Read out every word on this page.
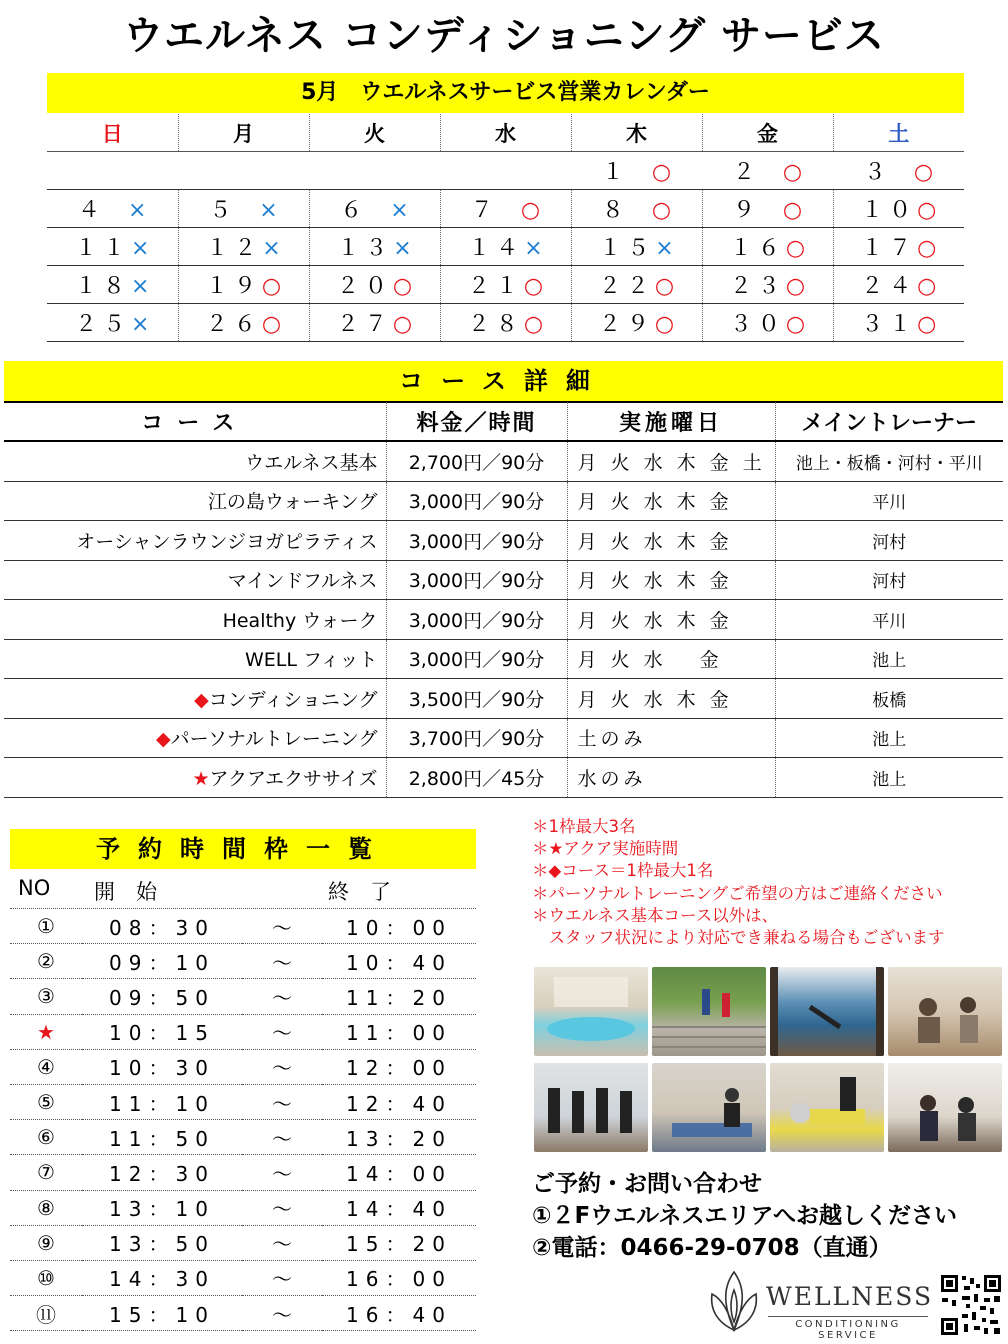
ウエルネス コンディショニング サービス
5月　ウエルネスサービス営業カレンダー
日	月	火	水	木	金	土
				１ ○	２ ○	３ ○
４ ×	５ ×	６ ×	７ ○	８ ○	９ ○	１０○
１１×	１２×	１３×	１４×	１５×	１６○	１７○
１８×	１９○	２０○	２１○	２２○	２３○	２４○
２５×	２６○	２７○	２８○	２９○	３０○	３１○
コース詳細
コース	料金／時間	実施曜日	メイントレーナー
ウエルネス基本	2,700円／90分	月 火 水 木 金 土	池上・板橋・河村・平川
江の島ウォーキング	3,000円／90分	月 火 水 木 金	平川
オーシャンラウンジヨガピラティス	3,000円／90分	月 火 水 木 金	河村
マインドフルネス	3,000円／90分	月 火 水 木 金	河村
Healthy ウォーク	3,000円／90分	月 火 水 木 金	平川
WELL フィット	3,000円／90分	月 火 水　 金	池上
◆コンディショニング	3,500円／90分	月 火 水 木 金	板橋
◆パーソナルトレーニング	3,700円／90分	土のみ	池上
★アクアエクササイズ	2,800円／45分	水のみ	池上
予約時間枠一覧
NO 開　始	終　了
①	08：30	～	10：00
②	09：10	～	10：40
③	09：50	～	11：20
★	10：15	～	11：00
④	10：30	～	12：00
⑤	11：10	～	12：40
⑥	11：50	～	13：20
⑦	12：30	～	14：00
⑧	13：10	～	14：40
⑨	13：50	～	15：20
⑩	14：30	～	16：00
⑪	15：10	～	16：40
＊1枠最大3名
＊★アクア実施時間
＊◆コース＝1枠最大1名
＊パーソナルトレーニングご希望の方はご連絡ください
＊ウエルネス基本コース以外は、
　スタッフ状況により対応でき兼ねる場合もございます
ご予約・お問い合わせ
①２Fウエルネスエリアへお越しください
②電話：0466-29-0708（直通）
WELLNESS
CONDITIONING SERVICE
